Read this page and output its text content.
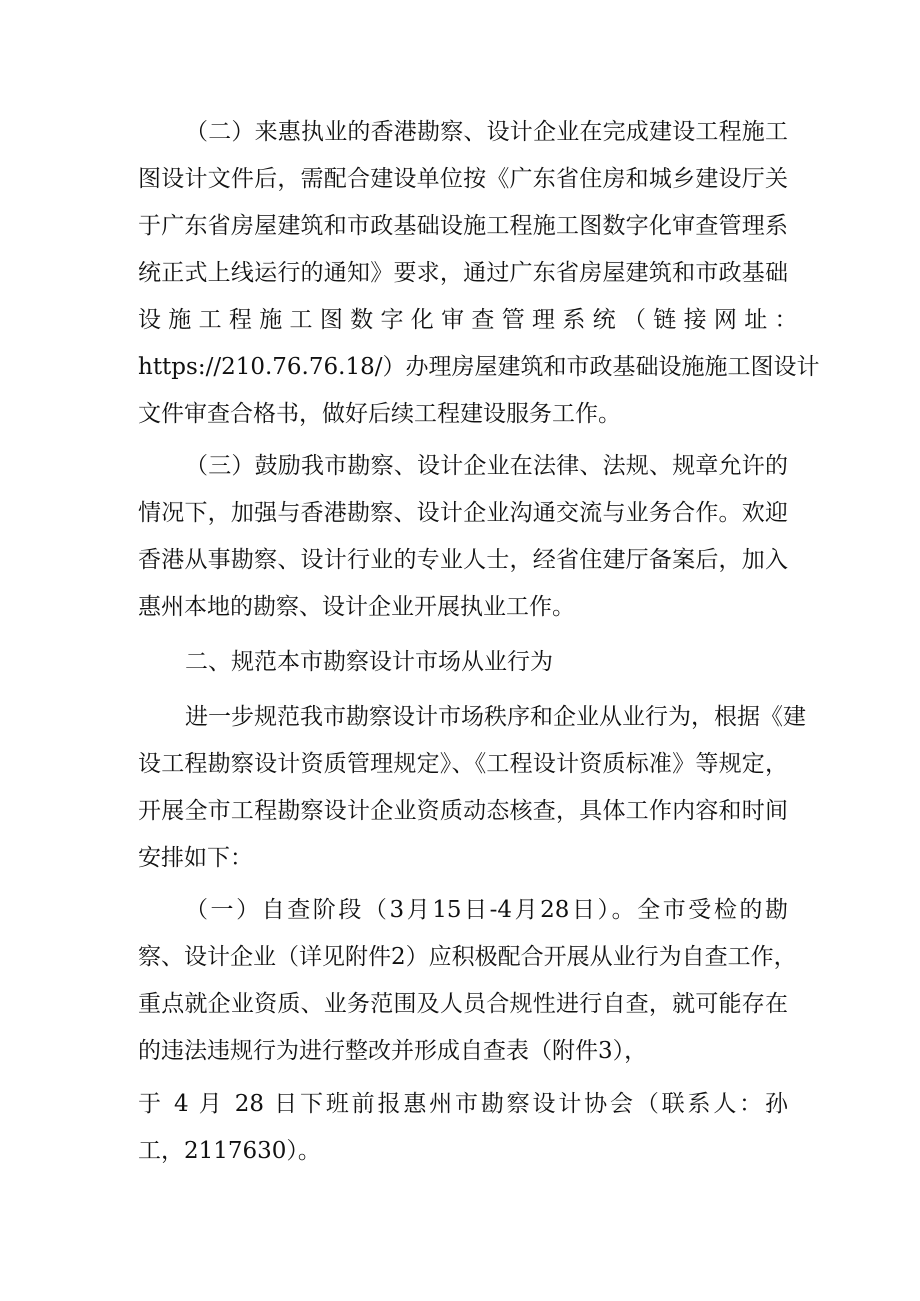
（二）来惠执业的香港勘察、设计企业在完成建设工程施工
图设计文件后，需配合建设单位按《广东省住房和城乡建设厅关
于广东省房屋建筑和市政基础设施工程施工图数字化审查管理系
统正式上线运行的通知》要求，通过广东省房屋建筑和市政基础
设 施 工 程 施 工 图 数 字 化 审 查 管 理 系 统 （ 链 接 网 址 ：
https://210.76.76.18/）办理房屋建筑和市政基础设施施工图设计
文件审查合格书，做好后续工程建设服务工作。
（三）鼓励我市勘察、设计企业在法律、法规、规章允许的
情况下，加强与香港勘察、设计企业沟通交流与业务合作。欢迎
香港从事勘察、设计行业的专业人士，经省住建厅备案后，加入
惠州本地的勘察、设计企业开展执业工作。
二、规范本市勘察设计市场从业行为
进一步规范我市勘察设计市场秩序和企业从业行为，根据《建
设工程勘察设计资质管理规定》、《工程设计资质标准》等规定，
开展全市工程勘察设计企业资质动态核查，具体工作内容和时间
安排如下：
（一）自查阶段（3月15日-4月28日）。全市受检的勘
察、设计企业（详见附件2）应积极配合开展从业行为自查工作，
重点就企业资质、业务范围及人员合规性进行自查，就可能存在
的违法违规行为进行整改并形成自查表（附件3），
于 4 月 28 日下班前报惠州市勘察设计协会（联系人：孙
工，2117630）。
